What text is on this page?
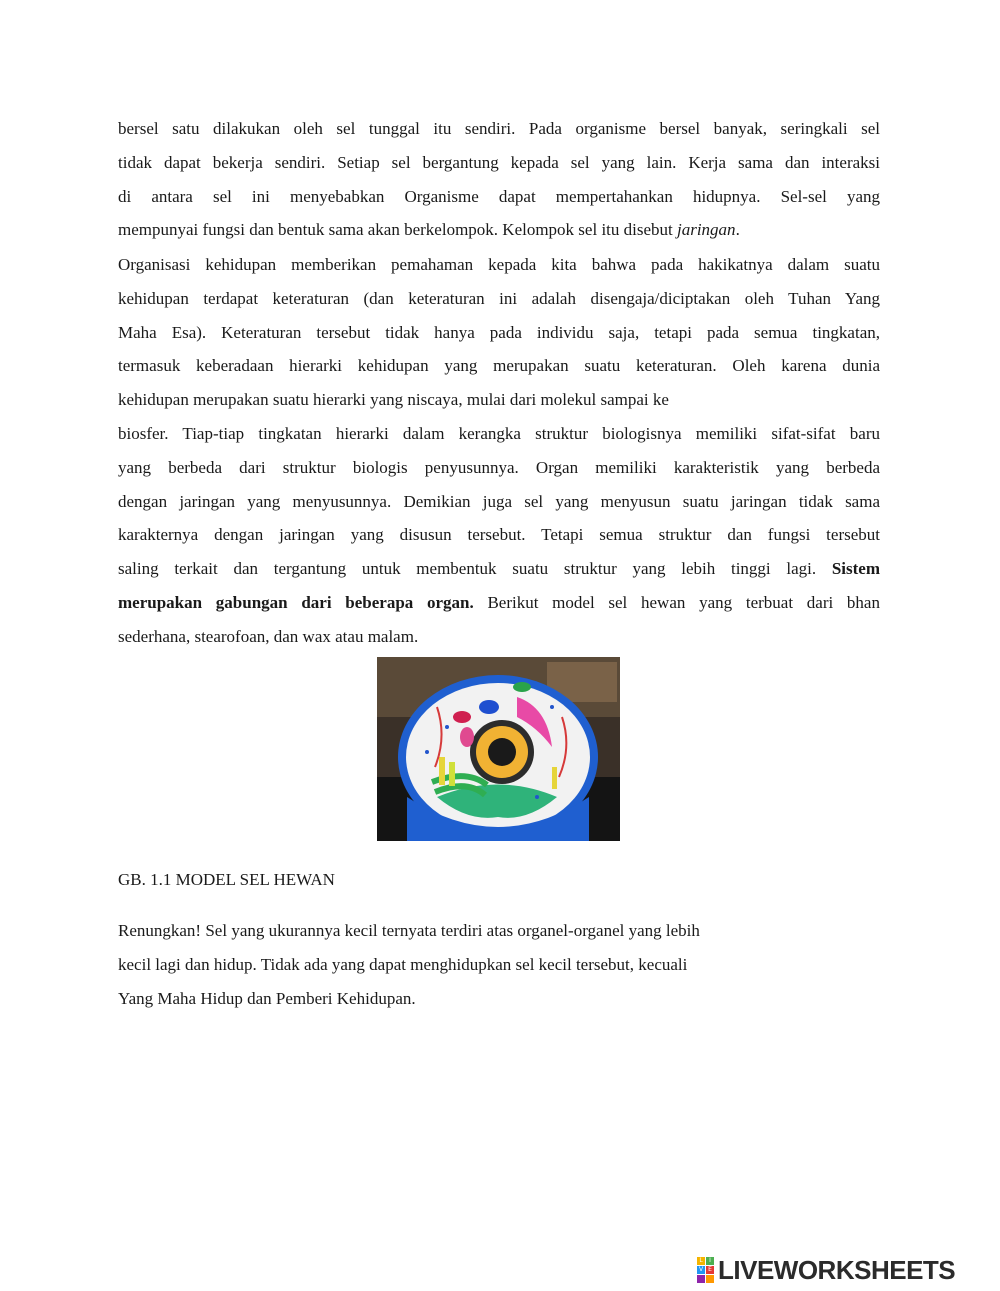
bersel satu dilakukan oleh sel tunggal itu sendiri. Pada organisme bersel banyak, seringkali sel
tidak dapat bekerja sendiri. Setiap sel bergantung kepada sel yang lain. Kerja sama dan interaksi
di antara sel ini menyebabkan Organisme dapat mempertahankan hidupnya. Sel-sel yang
mempunyai fungsi dan bentuk sama akan berkelompok. Kelompok sel itu disebut jaringan.

Organisasi kehidupan memberikan pemahaman kepada kita bahwa pada hakikatnya dalam suatu
kehidupan terdapat keteraturan (dan keteraturan ini adalah disengaja/diciptakan oleh Tuhan Yang
Maha Esa). Keteraturan tersebut tidak hanya pada individu saja, tetapi pada semua tingkatan,
termasuk keberadaan hierarki kehidupan yang merupakan suatu keteraturan. Oleh karena dunia
kehidupan merupakan suatu hierarki yang niscaya, mulai dari molekul sampai ke

biosfer. Tiap-tiap tingkatan hierarki dalam kerangka struktur biologisnya memiliki sifat-sifat baru
yang berbeda dari struktur biologis penyusunnya. Organ memiliki karakteristik yang berbeda
dengan jaringan yang menyusunnya. Demikian juga sel yang menyusun suatu jaringan tidak sama
karakternya dengan jaringan yang disusun tersebut. Tetapi semua struktur dan fungsi tersebut
saling terkait dan tergantung untuk membentuk suatu struktur yang lebih tinggi lagi. Sistem
merupakan gabungan dari beberapa organ. Berikut model sel hewan yang terbuat dari bhan
sederhana, stearofoan, dan wax atau malam.

GB. 1.1 MODEL SEL HEWAN

Renungkan! Sel yang ukurannya kecil ternyata terdiri atas organel-organel yang lebih
kecil lagi dan hidup. Tidak ada yang dapat menghidupkan sel kecil tersebut, kecuali
Yang Maha Hidup dan Pemberi Kehidupan.

L	I
V E LIVEWORKSHEETS
